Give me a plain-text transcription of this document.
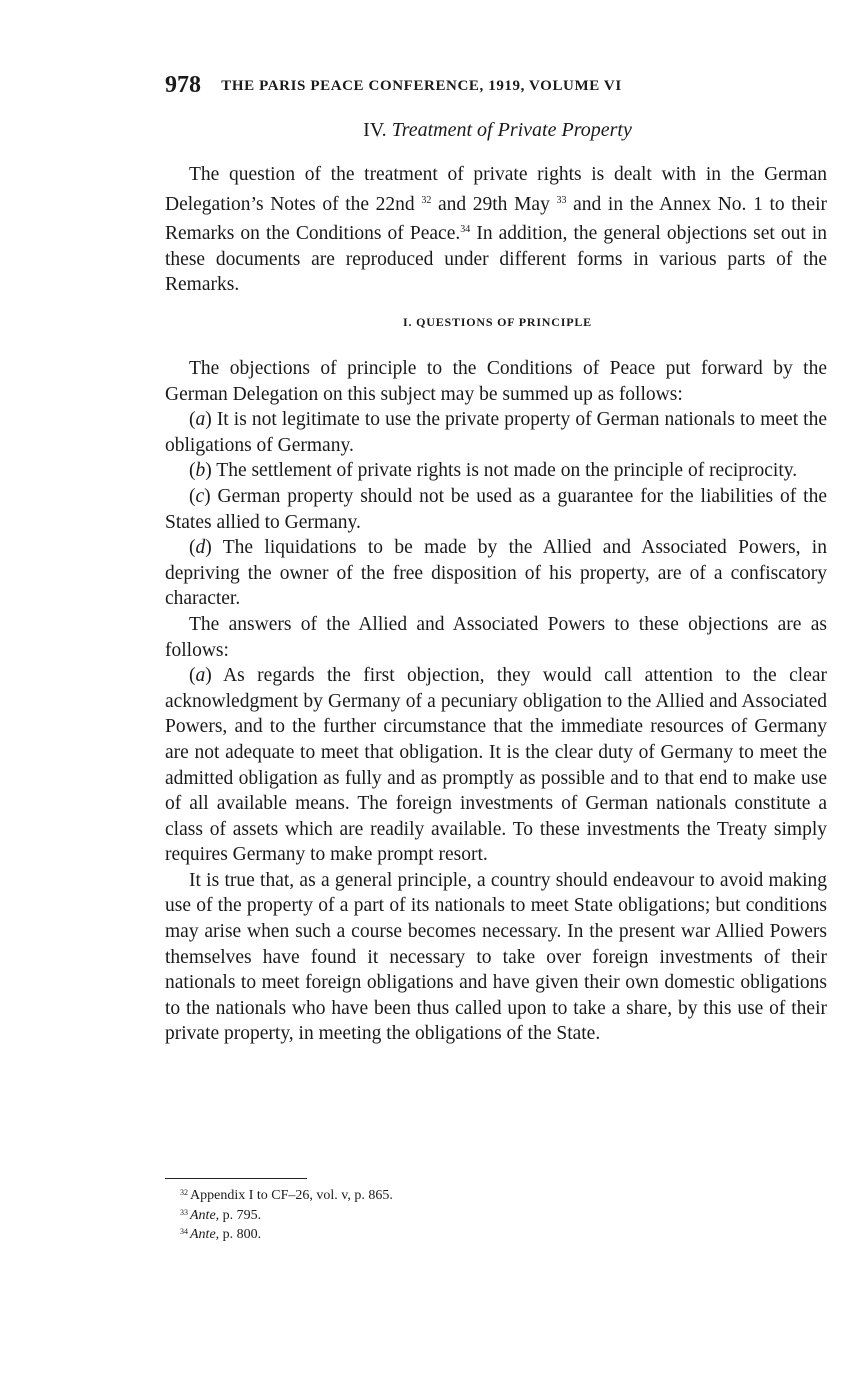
978 THE PARIS PEACE CONFERENCE, 1919, VOLUME VI
IV. Treatment of Private Property

The question of the treatment of private rights is dealt with in the German Delegation’s Notes of the 22nd $^{32}$ and 29th May $^{33}$ and in the Annex No. 1 to their Remarks on the Conditions of Peace.$^{34}$ In addition, the general objections set out in these documents are reproduced under different forms in various parts of the Remarks.

I. QUESTIONS OF PRINCIPLE

The objections of principle to the Conditions of Peace put forward by the German Delegation on this subject may be summed up as follows:

(a) It is not legitimate to use the private property of German nationals to meet the obligations of Germany.

(b) The settlement of private rights is not made on the principle of reciprocity.

(c) German property should not be used as a guarantee for the liabilities of the States allied to Germany.

(d) The liquidations to be made by the Allied and Associated Powers, in depriving the owner of the free disposition of his property, are of a confiscatory character.

The answers of the Allied and Associated Powers to these objections are as follows:

(a) As regards the first objection, they would call attention to the clear acknowledgment by Germany of a pecuniary obligation to the Allied and Associated Powers, and to the further circumstance that the immediate resources of Germany are not adequate to meet that obligation. It is the clear duty of Germany to meet the admitted obligation as fully and as promptly as possible and to that end to make use of all available means. The foreign investments of German nationals constitute a class of assets which are readily available. To these investments the Treaty simply requires Germany to make prompt resort.

It is true that, as a general principle, a country should endeavour to avoid making use of the property of a part of its nationals to meet State obligations; but conditions may arise when such a course becomes necessary. In the present war Allied Powers themselves have found it necessary to take over foreign investments of their nationals to meet foreign obligations and have given their own domestic obligations to the nationals who have been thus called upon to take a share, by this use of their private property, in meeting the obligations of the State.

$^{32}$ Appendix I to CF–26, vol. v, p. 865.

$^{33}$ Ante, p. 795.

$^{34}$ Ante, p. 800.
